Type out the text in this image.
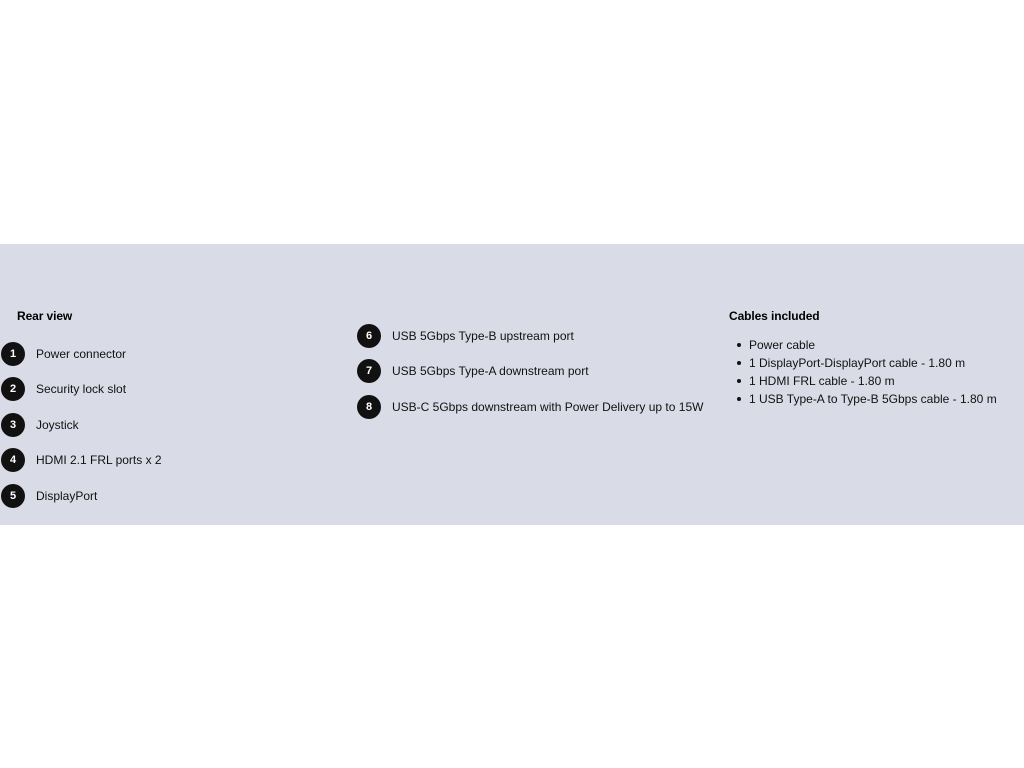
Rear view
1	Power connector
2	Security lock slot
3	Joystick
4	HDMI 2.1 FRL ports x 2
5	DisplayPort
6	USB 5Gbps Type-B upstream port
7	USB 5Gbps Type-A downstream port
8	USB-C 5Gbps downstream with Power Delivery up to 15W
Cables included
Power cable
1 DisplayPort-DisplayPort cable - 1.80 m
1 HDMI FRL cable - 1.80 m
1 USB Type-A to Type-B 5Gbps cable - 1.80 m
